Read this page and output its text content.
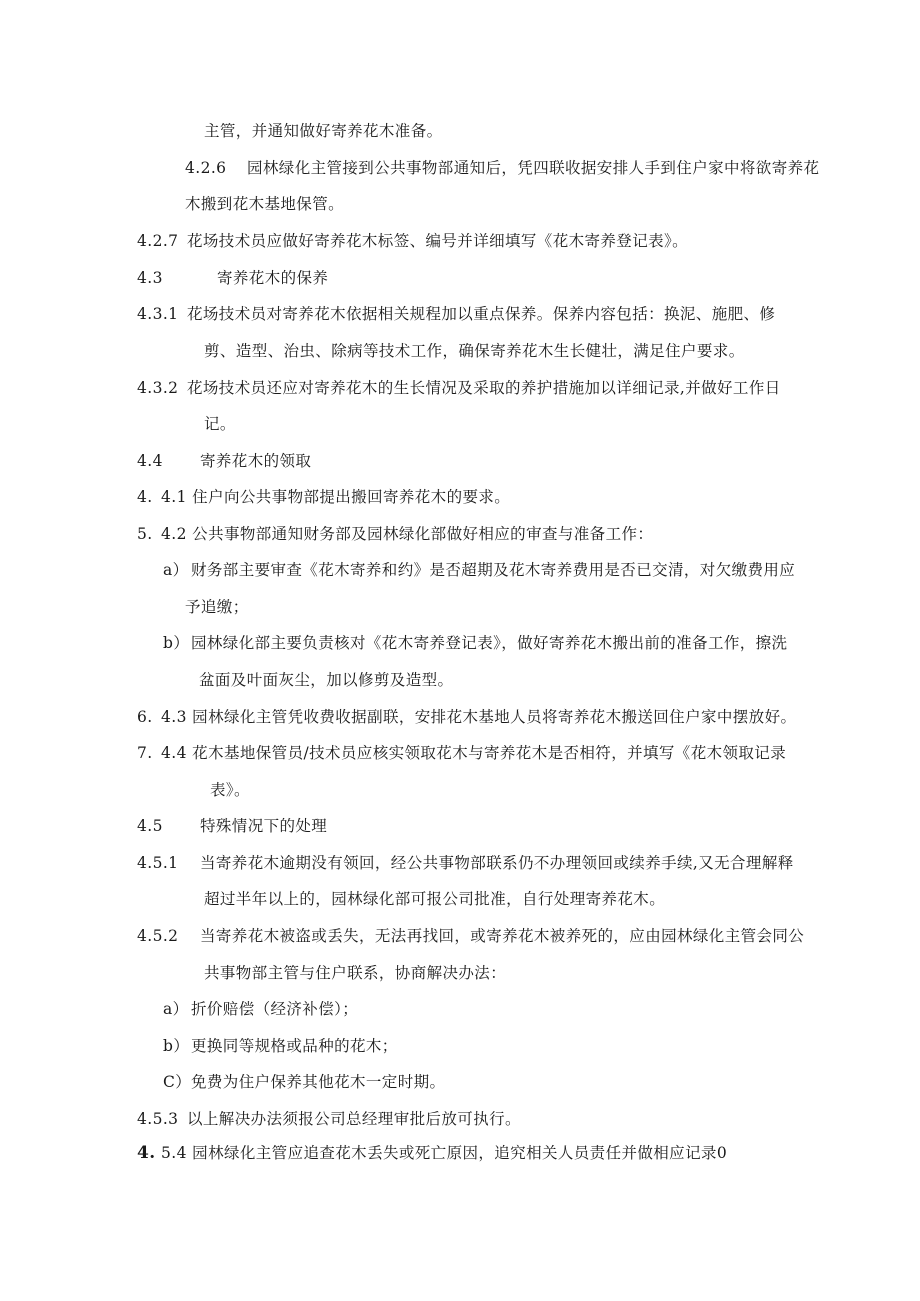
主管，并通知做好寄养花木准备。
4.2.6 园林绿化主管接到公共事物部通知后，凭四联收据安排人手到住户家中将欲寄养花
木搬到花木基地保管。
4.2.7 花场技术员应做好寄养花木标签、编号并详细填写《花木寄养登记表》。
4.3	寄养花木的保养
4.3.1 花场技术员对寄养花木依据相关规程加以重点保养。保养内容包括：换泥、施肥、修
剪、造型、治虫、除病等技术工作，确保寄养花木生长健壮，满足住户要求。
4.3.2 花场技术员还应对寄养花木的生长情况及采取的养护措施加以详细记录,并做好工作日
记。
4.4 寄养花木的领取
4. 4.1 住户向公共事物部提出搬回寄养花木的要求。
5. 4.2 公共事物部通知财务部及园林绿化部做好相应的审查与准备工作：
a） 财务部主要审查《花木寄养和约》是否超期及花木寄养费用是否已交清，对欠缴费用应
予追缴；
b） 园林绿化部主要负责核对《花木寄养登记表》，做好寄养花木搬出前的准备工作，擦洗
盆面及叶面灰尘，加以修剪及造型。
6. 4.3 园林绿化主管凭收费收据副联，安排花木基地人员将寄养花木搬送回住户家中摆放好。
7. 4.4 花木基地保管员/技术员应核实领取花木与寄养花木是否相符，并填写《花木领取记录
表》。
4.5 特殊情况下的处理
4.5.1 当寄养花木逾期没有领回，经公共事物部联系仍不办理领回或续养手续,又无合理解释
超过半年以上的，园林绿化部可报公司批准，自行处理寄养花木。
4.5.2 当寄养花木被盗或丢失，无法再找回，或寄养花木被养死的，应由园林绿化主管会同公
共事物部主管与住户联系，协商解决办法：
a） 折价赔偿（经济补偿）；
b） 更换同等规格或品种的花木；
C）免费为住户保养其他花木一定时期。
4.5.3 以上解决办法须报公司总经理审批后放可执行。
4. 5.4 园林绿化主管应追查花木丢失或死亡原因，追究相关人员责任并做相应记录0
